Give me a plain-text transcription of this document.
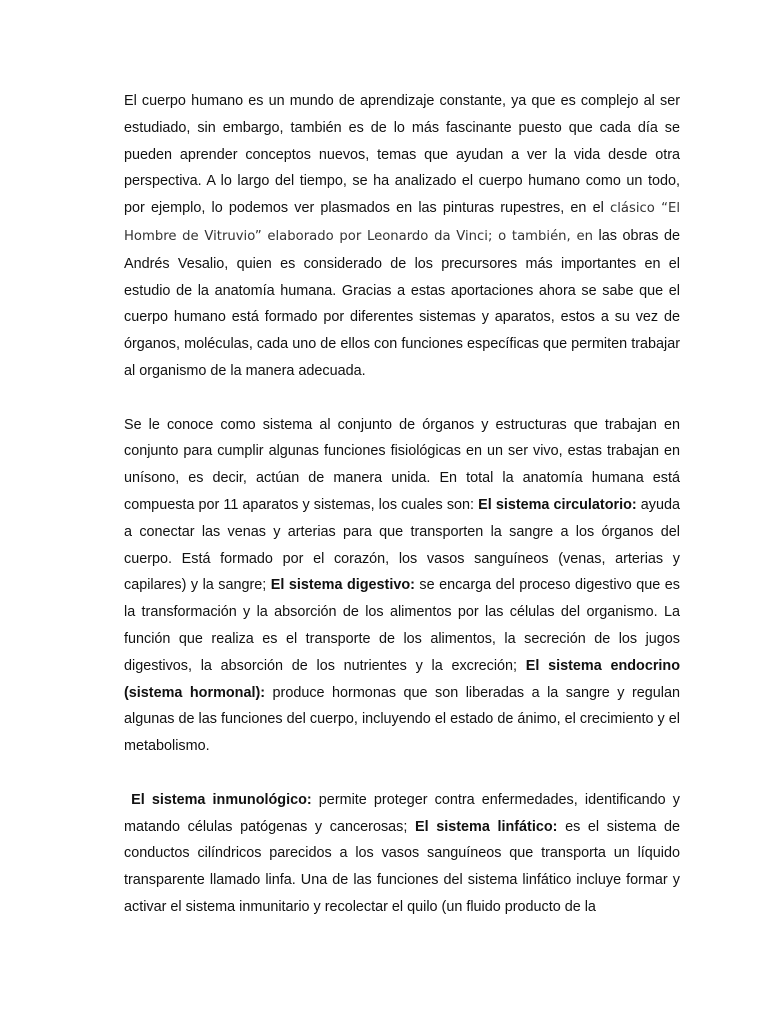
El cuerpo humano es un mundo de aprendizaje constante, ya que es complejo al ser estudiado, sin embargo, también es de lo más fascinante puesto que cada día se pueden aprender conceptos nuevos, temas que ayudan a ver la vida desde otra perspectiva. A lo largo del tiempo, se ha analizado el cuerpo humano como un todo, por ejemplo, lo podemos ver plasmados en las pinturas rupestres, en el clásico “El Hombre de Vitruvio” elaborado por Leonardo da Vinci; o también, en las obras de Andrés Vesalio, quien es considerado de los precursores más importantes en el estudio de la anatomía humana. Gracias a estas aportaciones ahora se sabe que el cuerpo humano está formado por diferentes sistemas y aparatos, estos a su vez de órganos, moléculas, cada uno de ellos con funciones específicas que permiten trabajar al organismo de la manera adecuada.

Se le conoce como sistema al conjunto de órganos y estructuras que trabajan en conjunto para cumplir algunas funciones fisiológicas en un ser vivo, estas trabajan en unísono, es decir, actúan de manera unida. En total la anatomía humana está compuesta por 11 aparatos y sistemas, los cuales son: El sistema circulatorio: ayuda a conectar las venas y arterias para que transporten la sangre a los órganos del cuerpo. Está formado por el corazón, los vasos sanguíneos (venas, arterias y capilares) y la sangre; El sistema digestivo: se encarga del proceso digestivo que es la transformación y la absorción de los alimentos por las células del organismo. La función que realiza es el transporte de los alimentos, la secreción de los jugos digestivos, la absorción de los nutrientes y la excreción; El sistema endocrino (sistema hormonal): produce hormonas que son liberadas a la sangre y regulan algunas de las funciones del cuerpo, incluyendo el estado de ánimo, el crecimiento y el metabolismo.

El sistema inmunológico: permite proteger contra enfermedades, identificando y matando células patógenas y cancerosas; El sistema linfático: es el sistema de conductos cilíndricos parecidos a los vasos sanguíneos que transporta un líquido transparente llamado linfa. Una de las funciones del sistema linfático incluye formar y activar el sistema inmunitario y recolectar el quilo (un fluido producto de la
